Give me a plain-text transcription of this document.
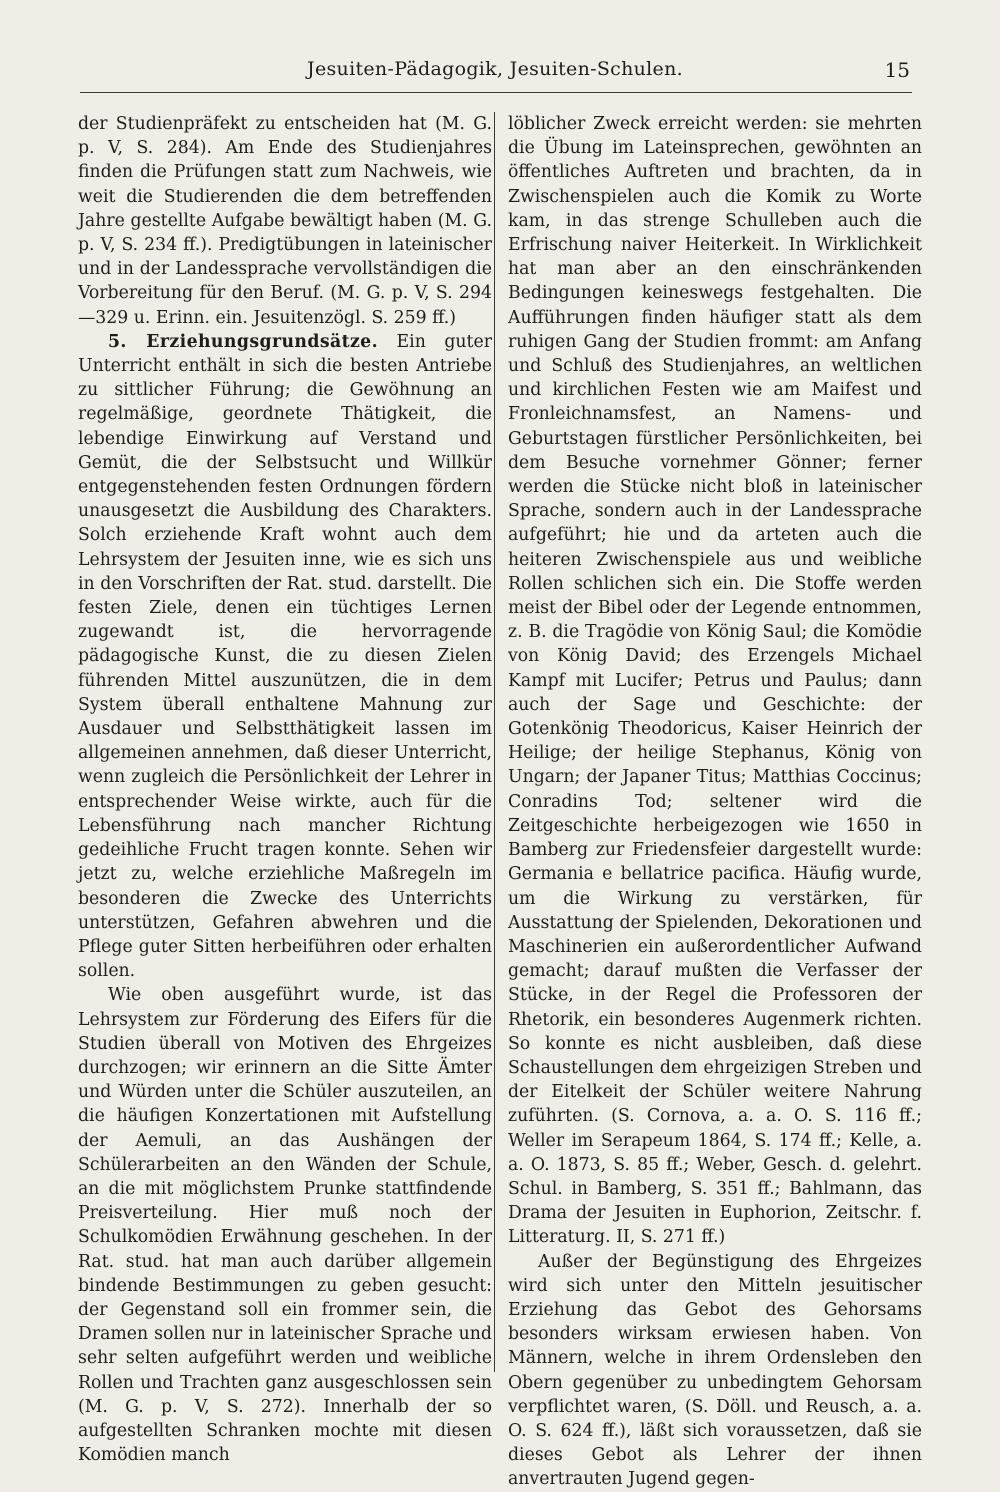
Jesuiten-Pädagogik, Jesuiten-Schulen.	15

der Studienpräfekt zu entscheiden hat (M. G. p. V, S. 284). Am Ende des Studienjahres finden die Prüfungen statt zum Nachweis, wie weit die Studierenden die dem betreffenden Jahre gestellte Aufgabe bewältigt haben (M. G. p. V, S. 234 ff.). Predigtübungen in lateinischer und in der Landessprache vervollständigen die Vorbereitung für den Beruf. (M. G. p. V, S. 294—329 u. Erinn. ein. Jesuitenzögl. S. 259 ff.)

5. Erziehungsgrundsätze. Ein guter Unterricht enthält in sich die besten Antriebe zu sittlicher Führung; die Gewöhnung an regelmäßige, geordnete Thätigkeit, die lebendige Einwirkung auf Verstand und Gemüt, die der Selbstsucht und Willkür entgegenstehenden festen Ordnungen fördern unausgesetzt die Ausbildung des Charakters. Solch erziehende Kraft wohnt auch dem Lehrsystem der Jesuiten inne, wie es sich uns in den Vorschriften der Rat. stud. darstellt. Die festen Ziele, denen ein tüchtiges Lernen zugewandt ist, die hervorragende pädagogische Kunst, die zu diesen Zielen führenden Mittel auszunützen, die in dem System überall enthaltene Mahnung zur Ausdauer und Selbstthätigkeit lassen im allgemeinen annehmen, daß dieser Unterricht, wenn zugleich die Persönlichkeit der Lehrer in entsprechender Weise wirkte, auch für die Lebensführung nach mancher Richtung gedeihliche Frucht tragen konnte. Sehen wir jetzt zu, welche erziehliche Maßregeln im besonderen die Zwecke des Unterrichts unterstützen, Gefahren abwehren und die Pflege guter Sitten herbeiführen oder erhalten sollen.

Wie oben ausgeführt wurde, ist das Lehrsystem zur Förderung des Eifers für die Studien überall von Motiven des Ehrgeizes durchzogen; wir erinnern an die Sitte Ämter und Würden unter die Schüler auszuteilen, an die häufigen Konzertationen mit Aufstellung der Aemuli, an das Aushängen der Schülerarbeiten an den Wänden der Schule, an die mit möglichstem Prunke stattfindende Preisverteilung. Hier muß noch der Schulkomödien Erwähnung geschehen. In der Rat. stud. hat man auch darüber allgemein bindende Bestimmungen zu geben gesucht: der Gegenstand soll ein frommer sein, die Dramen sollen nur in lateinischer Sprache und sehr selten aufgeführt werden und weibliche Rollen und Trachten ganz ausgeschlossen sein (M. G. p. V, S. 272). Innerhalb der so aufgestellten Schranken mochte mit diesen Komödien manch

löblicher Zweck erreicht werden: sie mehrten die Übung im Lateinsprechen, gewöhnten an öffentliches Auftreten und brachten, da in Zwischenspielen auch die Komik zu Worte kam, in das strenge Schulleben auch die Erfrischung naiver Heiterkeit. In Wirklichkeit hat man aber an den einschränkenden Bedingungen keineswegs festgehalten. Die Aufführungen finden häufiger statt als dem ruhigen Gang der Studien frommt: am Anfang und Schluß des Studienjahres, an weltlichen und kirchlichen Festen wie am Maifest und Fronleichnamsfest, an Namens- und Geburtstagen fürstlicher Persönlichkeiten, bei dem Besuche vornehmer Gönner; ferner werden die Stücke nicht bloß in lateinischer Sprache, sondern auch in der Landessprache aufgeführt; hie und da arteten auch die heiteren Zwischenspiele aus und weibliche Rollen schlichen sich ein. Die Stoffe werden meist der Bibel oder der Legende entnommen, z. B. die Tragödie von König Saul; die Komödie von König David; des Erzengels Michael Kampf mit Lucifer; Petrus und Paulus; dann auch der Sage und Geschichte: der Gotenkönig Theodoricus, Kaiser Heinrich der Heilige; der heilige Stephanus, König von Ungarn; der Japaner Titus; Matthias Coccinus; Conradins Tod; seltener wird die Zeitgeschichte herbeigezogen wie 1650 in Bamberg zur Friedensfeier dargestellt wurde: Germania e bellatrice pacifica. Häufig wurde, um die Wirkung zu verstärken, für Ausstattung der Spielenden, Dekorationen und Maschinerien ein außerordentlicher Aufwand gemacht; darauf mußten die Verfasser der Stücke, in der Regel die Professoren der Rhetorik, ein besonderes Augenmerk richten. So konnte es nicht ausbleiben, daß diese Schaustellungen dem ehrgeizigen Streben und der Eitelkeit der Schüler weitere Nahrung zuführten. (S. Cornova, a. a. O. S. 116 ff.; Weller im Serapeum 1864, S. 174 ff.; Kelle, a. a. O. 1873, S. 85 ff.; Weber, Gesch. d. gelehrt. Schul. in Bamberg, S. 351 ff.; Bahlmann, das Drama der Jesuiten in Euphorion, Zeitschr. f. Litteraturg. II, S. 271 ff.)

Außer der Begünstigung des Ehrgeizes wird sich unter den Mitteln jesuitischer Erziehung das Gebot des Gehorsams besonders wirksam erwiesen haben. Von Männern, welche in ihrem Ordensleben den Obern gegenüber zu unbedingtem Gehorsam verpflichtet waren, (S. Döll. und Reusch, a. a. O. S. 624 ff.), läßt sich voraussetzen, daß sie dieses Gebot als Lehrer der ihnen anvertrauten Jugend gegen-
